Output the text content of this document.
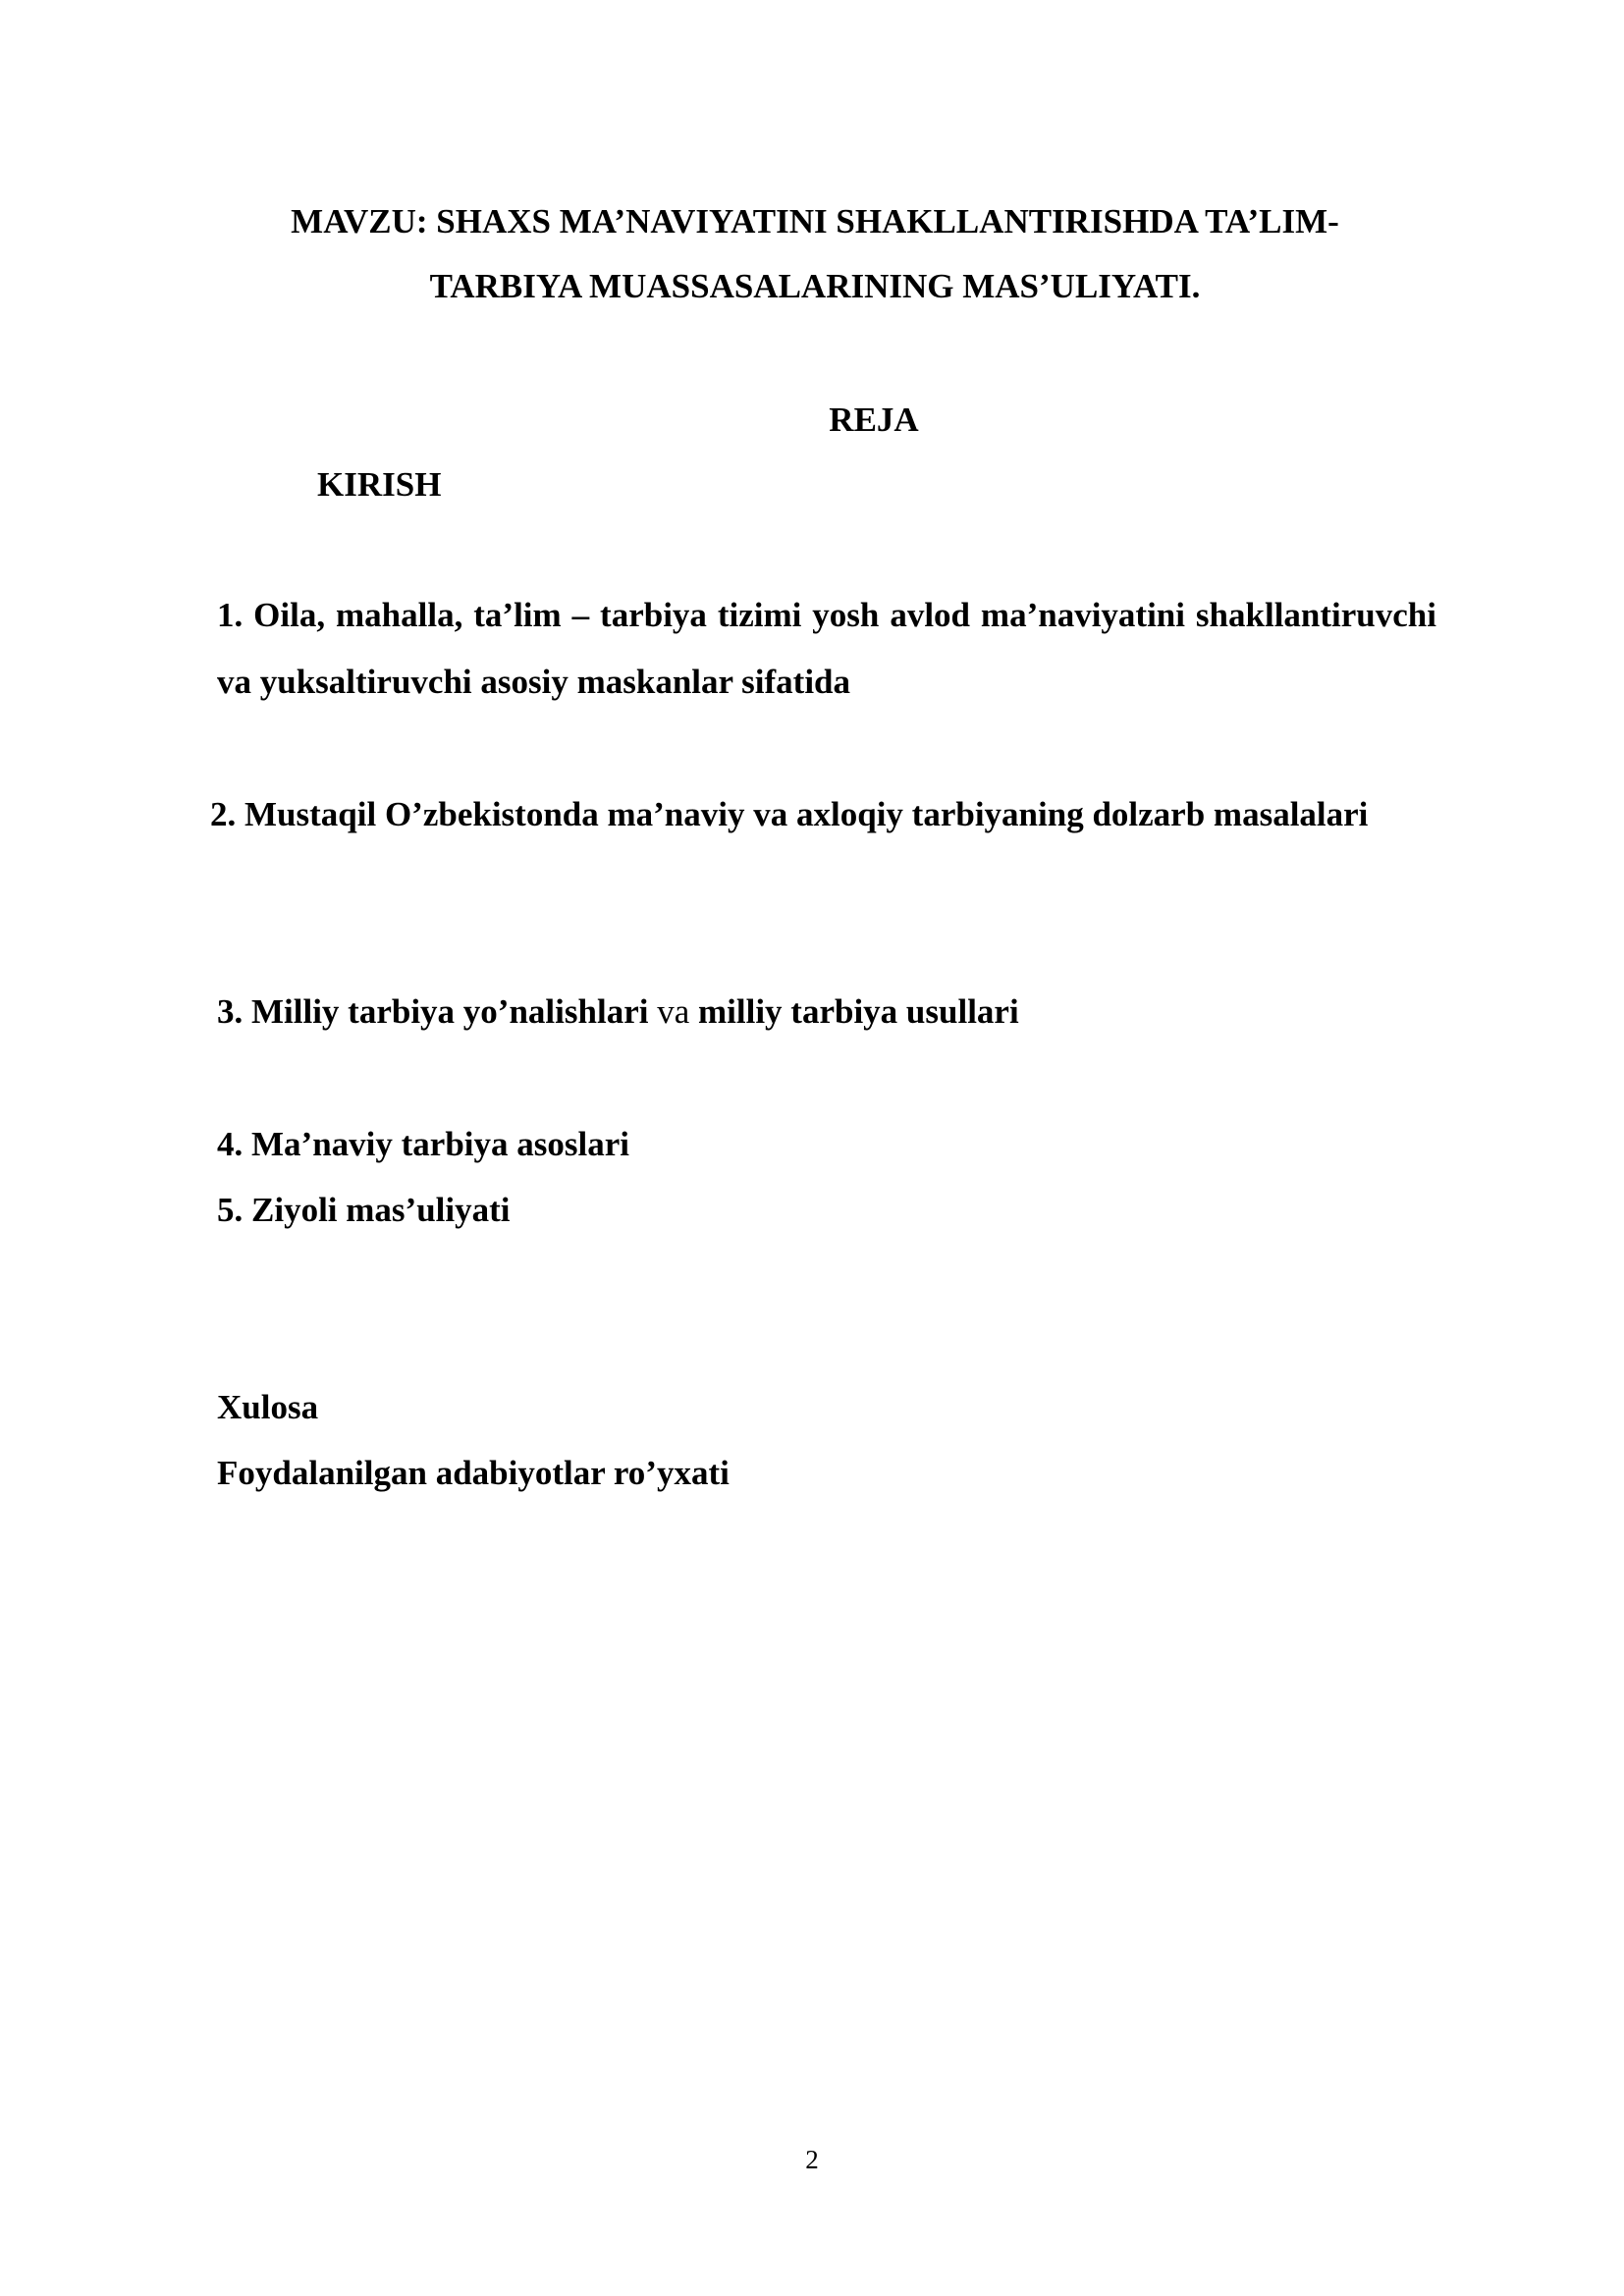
MAVZU: SHAXS MA’NAVIYATINI SHAKLLANTIRISHDA TA’LIM-
TARBIYA MUASSASALARINING MAS’ULIYATI.
REJA
KIRISH
1. Oila, mahalla, ta’lim – tarbiya tizimi yosh avlod ma’naviyatini shakllantiruvchi va yuksaltiruvchi asosiy maskanlar sifatida
2. Mustaqil O’zbekistonda ma’naviy va axloqiy tarbiyaning dolzarb masalalari
3. Milliy tarbiya yo’nalishlari va milliy tarbiya usullari
4. Ma’naviy tarbiya asoslari
5. Ziyoli mas’uliyati
Xulosa
Foydalanilgan adabiyotlar ro’yxati
2
